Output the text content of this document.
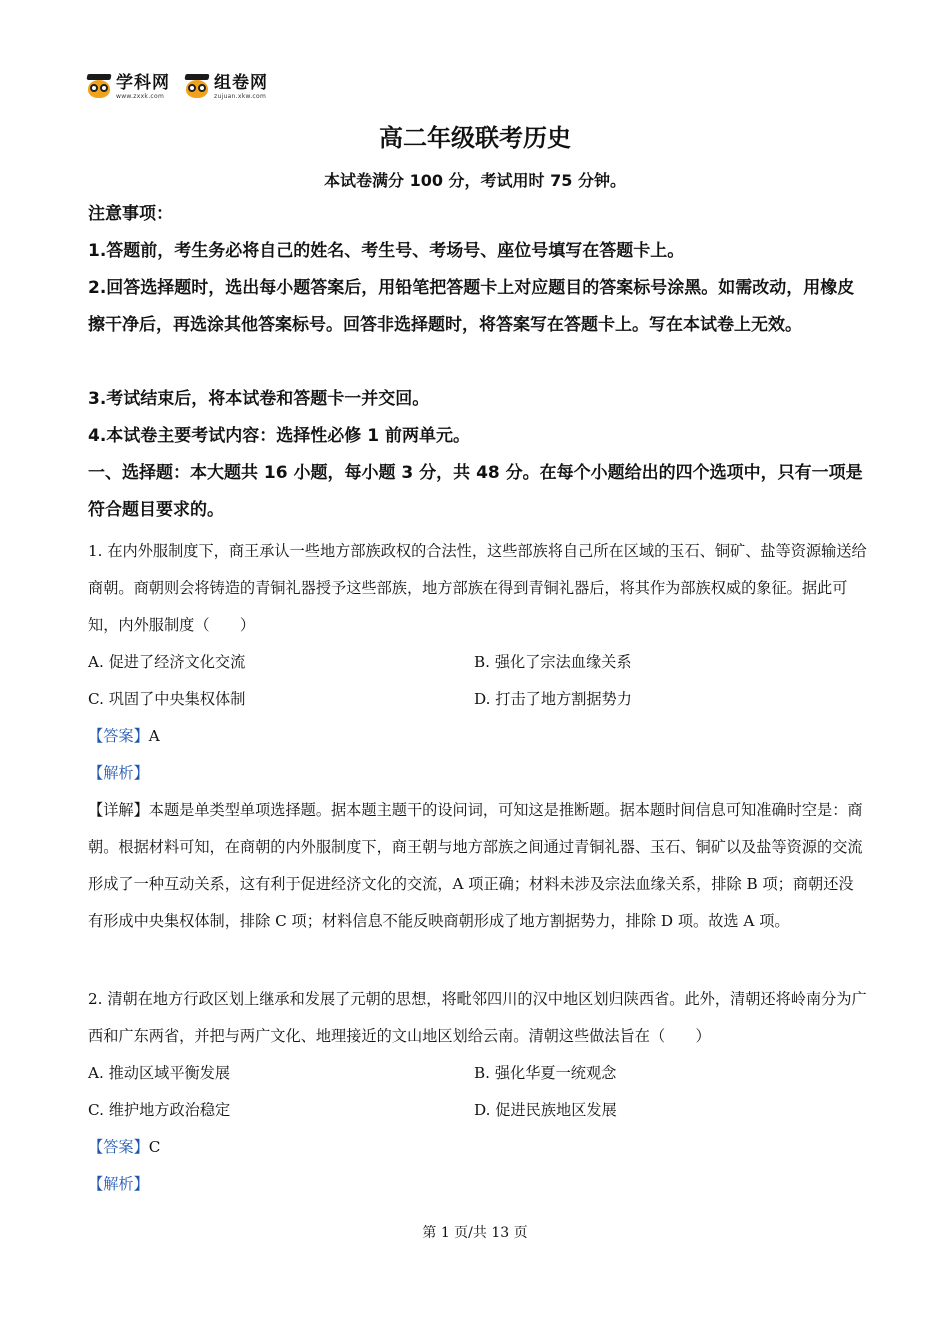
学科网
www.zxxk.com
组卷网
zujuan.xkw.com
高二年级联考历史
本试卷满分 100 分，考试用时 75 分钟。
注意事项：
1.答题前，考生务必将自己的姓名、考生号、考场号、座位号填写在答题卡上。
2.回答选择题时，选出每小题答案后，用铅笔把答题卡上对应题目的答案标号涂黑。如需改动，用橡皮擦干净后，再选涂其他答案标号。回答非选择题时，将答案写在答题卡上。写在本试卷上无效。
3.考试结束后，将本试卷和答题卡一并交回。
4.本试卷主要考试内容：选择性必修 1 前两单元。
一、选择题：本大题共 16 小题，每小题 3 分，共 48 分。在每个小题给出的四个选项中，只有一项是符合题目要求的。
1. 在内外服制度下，商王承认一些地方部族政权的合法性，这些部族将自己所在区域的玉石、铜矿、盐等资源输送给商朝。商朝则会将铸造的青铜礼器授予这些部族，地方部族在得到青铜礼器后，将其作为部族权威的象征。据此可知，内外服制度（　　）
A. 促进了经济文化交流	B. 强化了宗法血缘关系
C. 巩固了中央集权体制	D. 打击了地方割据势力
【答案】A
【解析】
【详解】本题是单类型单项选择题。据本题主题干的设问词，可知这是推断题。据本题时间信息可知准确时空是：商朝。根据材料可知，在商朝的内外服制度下，商王朝与地方部族之间通过青铜礼器、玉石、铜矿以及盐等资源的交流形成了一种互动关系，这有利于促进经济文化的交流，A 项正确；材料未涉及宗法血缘关系，排除 B 项；商朝还没有形成中央集权体制，排除 C 项；材料信息不能反映商朝形成了地方割据势力，排除 D 项。故选 A 项。
2. 清朝在地方行政区划上继承和发展了元朝的思想，将毗邻四川的汉中地区划归陕西省。此外，清朝还将岭南分为广西和广东两省，并把与两广文化、地理接近的文山地区划给云南。清朝这些做法旨在（　　）
A. 推动区域平衡发展	B. 强化华夏一统观念
C. 维护地方政治稳定	D. 促进民族地区发展
【答案】C
【解析】
第 1 页/共 13 页
